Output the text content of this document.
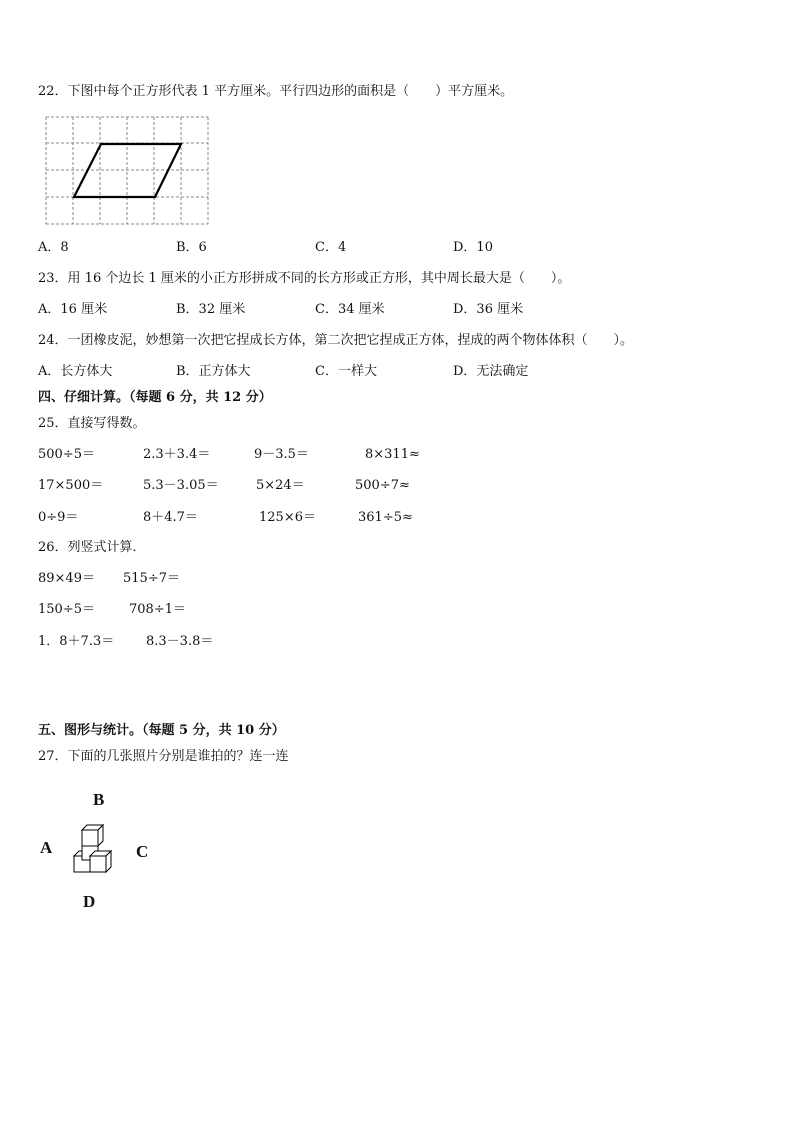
22．下图中每个正方形代表 1 平方厘米。平行四边形的面积是（　　）平方厘米。
A．8	B．6	C．4	D．10
23．用 16 个边长 1 厘米的小正方形拼成不同的长方形或正方形，其中周长最大是（　　）。
A．16 厘米	B．32 厘米	C．34 厘米	D．36 厘米
24．一团橡皮泥，妙想第一次把它捏成长方体，第二次把它捏成正方体，捏成的两个物体体积（　　）。
A．长方体大	B．正方体大	C．一样大	D．无法确定
四、仔细计算。（每题 6 分，共 12 分）
25．直接写得数。
500÷5＝	2.3＋3.4＝	9－3.5＝	8×311≈
17×500＝	5.3－3.05＝	5×24＝	500÷7≈
0÷9＝	8＋4.7＝	125×6＝	361÷5≈
26．列竖式计算．
89×49＝ 515÷7＝
150÷5＝	708÷1＝
1．8＋7.3＝ 8.3－3.8＝
五、图形与统计。（每题 5 分，共 10 分）
27．下面的几张照片分别是谁拍的？连一连
B
A	C
D
